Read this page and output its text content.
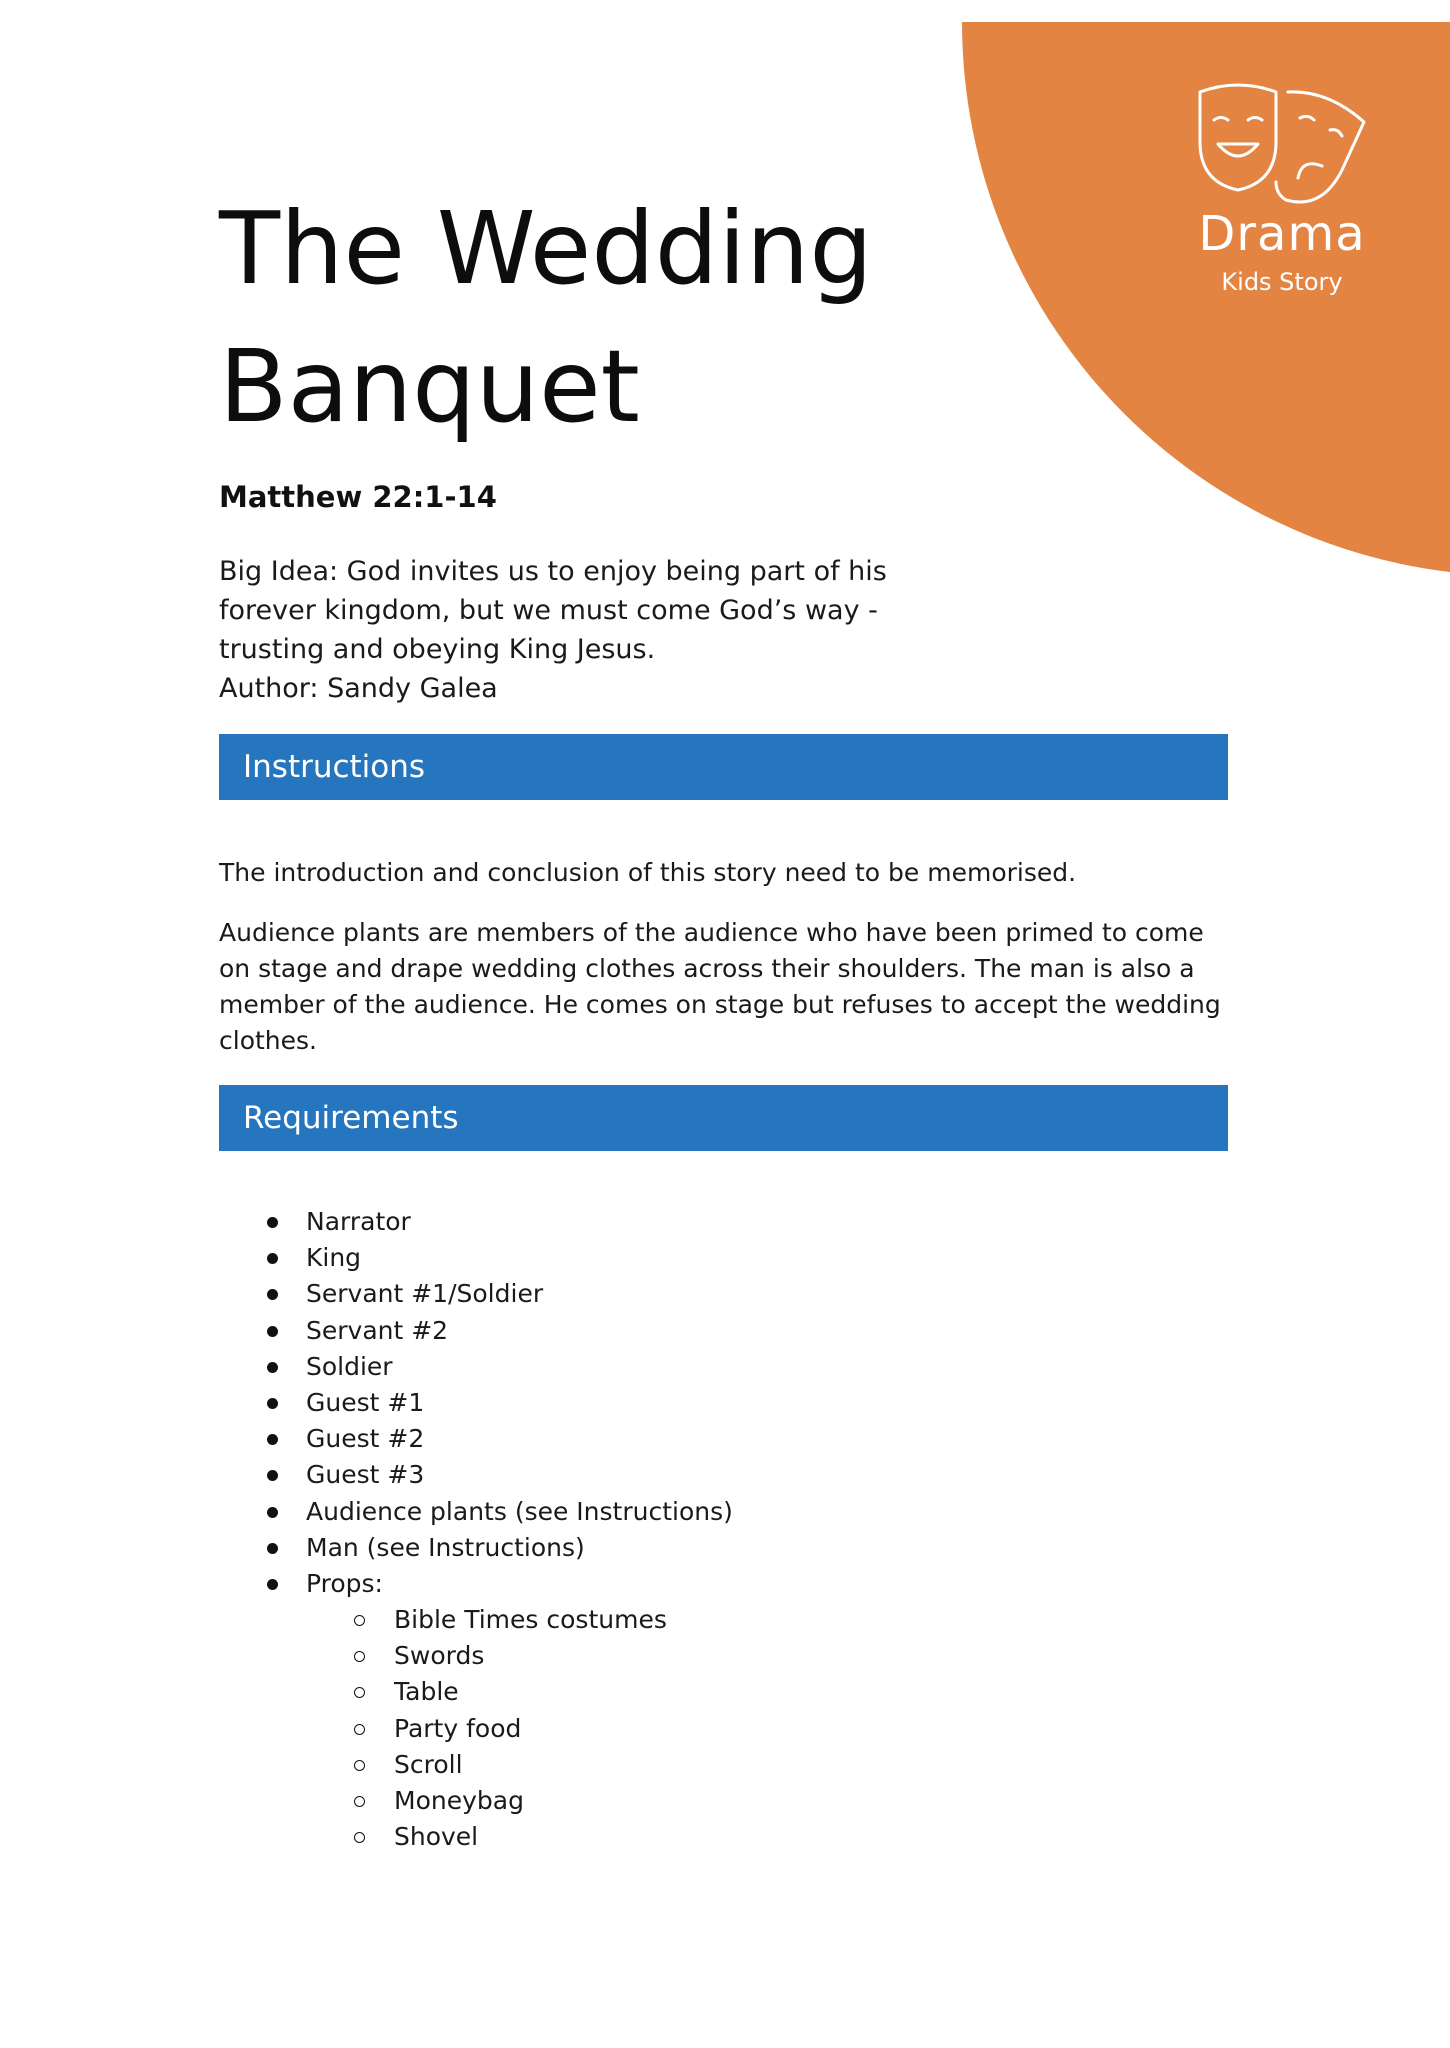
Drama
Kids Story
The Wedding Banquet
Matthew 22:1-14
Big Idea: God invites us to enjoy being part of his
forever kingdom, but we must come God’s way -
trusting and obeying King Jesus.
Author: Sandy Galea
Instructions

The introduction and conclusion of this story need to be memorised.

Audience plants are members of the audience who have been primed to come on stage and drape wedding clothes across their shoulders. The man is also a member of the audience. He comes on stage but refuses to accept the wedding clothes.

Requirements
Narrator
King
Servant #1/Soldier
Servant #2
Soldier
Guest #1
Guest #2
Guest #3
Audience plants (see Instructions)
Man (see Instructions)
Props:
Bible Times costumes
Swords
Table
Party food
Scroll
Moneybag
Shovel
